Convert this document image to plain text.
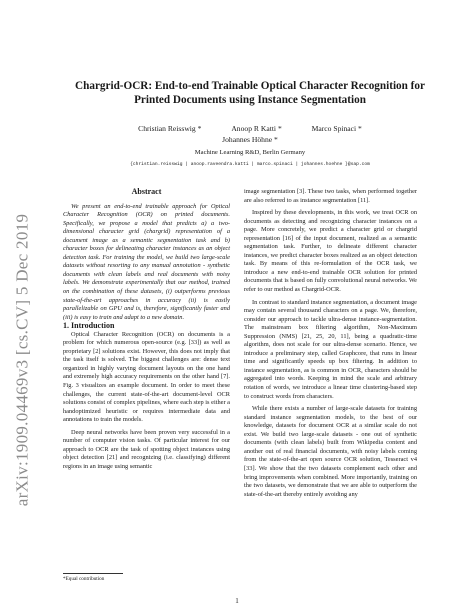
arXiv:1909.04469v3 [cs.CV] 5 Dec 2019
Chargrid-OCR: End-to-end Trainable Optical Character Recognition for
Printed Documents using Instance Segmentation
Christian Reisswig *	Anoop R Katti *	Marco Spinaci *
Johannes Höhne *
Machine Learning R&D, Berlin Germany
{christian.reisswig | anoop.raveendra.katti | marco.spinaci | johannes.hoehne }@sap.com
Abstract

We present an end-to-end trainable approach for Optical Character Recognition (OCR) on printed documents. Specifically, we propose a model that predicts a) a two-dimensional character grid (chargrid) representation of a document image as a semantic segmentation task and b) character boxes for delineating character instances as an object detection task. For training the model, we build two large-scale datasets without resorting to any manual annotation - synthetic documents with clean labels and real documents with noisy labels. We demonstrate experimentally that our method, trained on the combination of these datasets, (i) outperforms previous state-of-the-art approaches in accuracy (ii) is easily parallelizable on GPU and is, therefore, significantly faster and (iii) is easy to train and adapt to a new domain.

1. Introduction

Optical Character Recognition (OCR) on documents is a problem for which numerous open-source (e.g. [33]) as well as proprietary [2] solutions exist. However, this does not imply that the task itself is solved. The biggest challenges are: dense text organized in highly varying document layouts on the one hand and extremely high accuracy requirements on the other hand [7]. Fig. 3 visualizes an example document. In order to meet these challenges, the current state-of-the-art document-level OCR solutions consist of complex pipelines, where each step is either a handoptimized heuristic or requires intermediate data and annotations to train the models.

Deep neural networks have been proven very successful in a number of computer vision tasks. Of particular interest for our approach to OCR are the task of spotting object instances using object detection [21] and recognizing (i.e. classifying) different regions in an image using semantic

image segmentation [3]. These two tasks, when performed together are also referred to as instance segmentation [11].

Inspired by these developments, in this work, we treat OCR on documents as detecting and recognizing character instances on a page. More concretely, we predict a character grid or chargrid representation [16] of the input document, realized as a semantic segmentation task. Further, to delineate different character instances, we predict character boxes realized as an object detection task. By means of this re-formulation of the OCR task, we introduce a new end-to-end trainable OCR solution for printed documents that is based on fully convolutional neural networks. We refer to our method as Chargrid-OCR.

In contrast to standard instance segmentation, a document image may contain several thousand characters on a page. We, therefore, consider our approach to tackle ultra-dense instance-segmentation. The mainstream box filtering algorithm, Non-Maximum Suppression (NMS) [21, 25, 20, 11], being a quadratic-time algorithm, does not scale for our ultra-dense scenario. Hence, we introduce a preliminary step, called Graphcore, that runs in linear time and significantly speeds up box filtering. In addition to instance segmentation, as is common in OCR, characters should be aggregated into words. Keeping in mind the scale and arbitrary rotation of words, we introduce a linear time clustering-based step to construct words from characters.

While there exists a number of large-scale datasets for training standard instance segmentation models, to the best of our knowledge, datasets for document OCR at a similar scale do not exist. We build two large-scale datasets - one out of synthetic documents (with clean labels) built from Wikipedia content and another out of real financial documents, with noisy labels coming from the state-of-the-art open source OCR solution, Tesseract v4 [33]. We show that the two datasets complement each other and bring improvements when combined. More importantly, training on the two datasets, we demonstrate that we are able to outperform the state-of-the-art thereby entirely avoiding any

*Equal contribution
1
